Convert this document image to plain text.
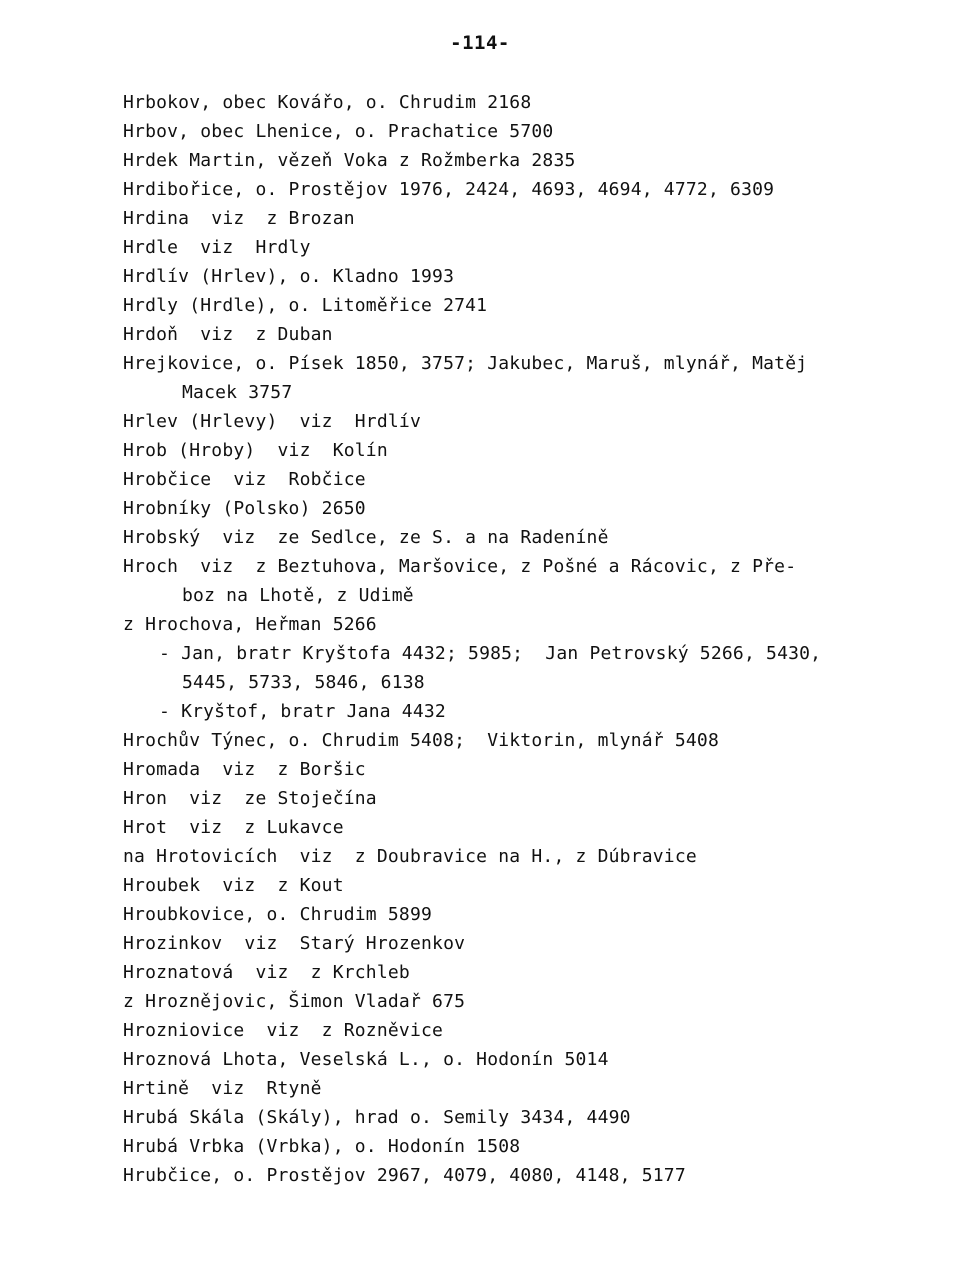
-114-
Hrbokov, obec Kovářo, o. Chrudim 2168
Hrbov, obec Lhenice, o. Prachatice 5700
Hrdek Martin, vězeň Voka z Rožmberka 2835
Hrdibořice, o. Prostějov 1976, 2424, 4693, 4694, 4772, 6309
Hrdina  viz  z Brozan
Hrdle  viz  Hrdly
Hrdlív (Hrlev), o. Kladno 1993
Hrdly (Hrdle), o. Litoměřice 2741
Hrdoň  viz  z Duban
Hrejkovice, o. Písek 1850, 3757; Jakubec, Maruš, mlynář, Matěj
Macek 3757
Hrlev (Hrlevy)  viz  Hrdlív
Hrob (Hroby)  viz  Kolín
Hrobčice  viz  Robčice
Hrobníky (Polsko) 2650
Hrobský  viz  ze Sedlce, ze S. a na Radeníně
Hroch  viz  z Beztuhova, Maršovice, z Pošné a Rácovic, z Pře-
boz na Lhotě, z Udimě
z Hrochova, Heřman 5266
- Jan, bratr Kryštofa 4432; 5985;  Jan Petrovský 5266, 5430,
5445, 5733, 5846, 6138
- Kryštof, bratr Jana 4432
Hrochův Týnec, o. Chrudim 5408;  Viktorin, mlynář 5408
Hromada  viz  z Boršic
Hron  viz  ze Stoječína
Hrot  viz  z Lukavce
na Hrotovicích  viz  z Doubravice na H., z Dúbravice
Hroubek  viz  z Kout
Hroubkovice, o. Chrudim 5899
Hrozinkov  viz  Starý Hrozenkov
Hroznatová  viz  z Krchleb
z Hroznějovic, Šimon Vladař 675
Hrozniovice  viz  z Rozněvice
Hroznová Lhota, Veselská L., o. Hodonín 5014
Hrtině  viz  Rtyně
Hrubá Skála (Skály), hrad o. Semily 3434, 4490
Hrubá Vrbka (Vrbka), o. Hodonín 1508
Hrubčice, o. Prostějov 2967, 4079, 4080, 4148, 5177
